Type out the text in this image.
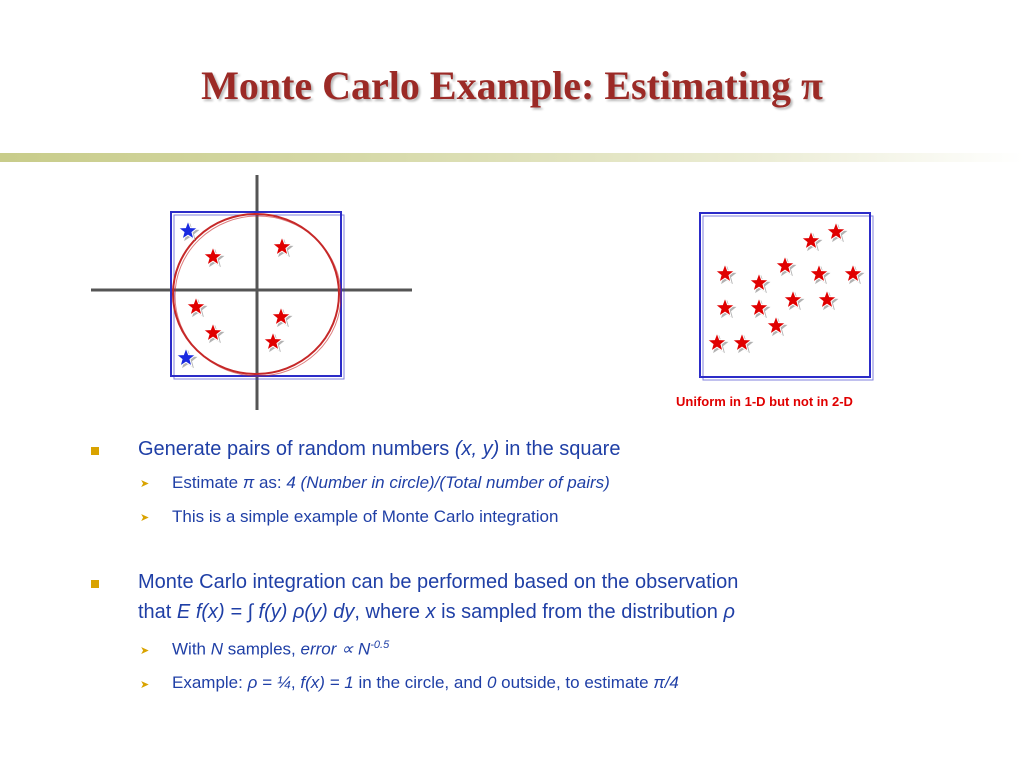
Monte Carlo Example: Estimating π
Uniform in 1-D but not in 2-D
Generate pairs of random numbers (x, y) in the square
➤ Estimate π as: 4 (Number in circle)/(Total number of pairs)
➤ This is a simple example of Monte Carlo integration
Monte Carlo integration can be performed based on the observation
that E f(x) = ∫ f(y) ρ(y) dy, where x is sampled from the distribution ρ
➤ With N samples, error ∝ $N^{-0.5}$
➤ Example: ρ = ¼, f(x) = 1 in the circle, and 0 outside, to estimate π/4
